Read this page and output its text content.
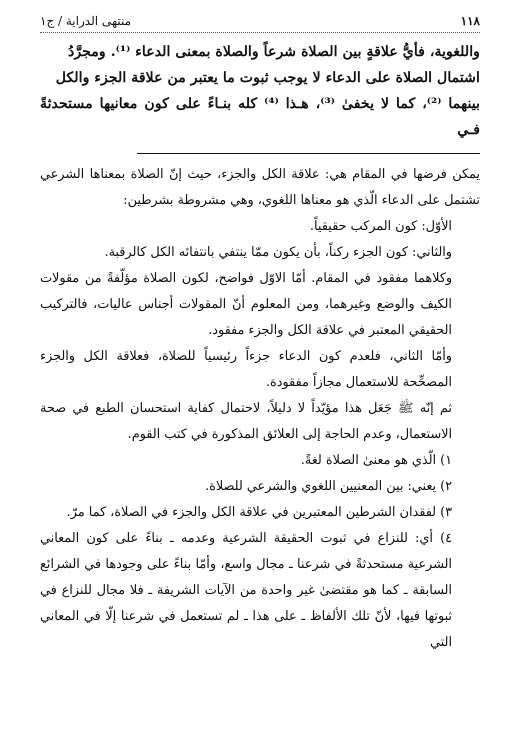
١١٨
منتهى الدراية / ج١

واللغوية، فأيُّ علاقةٍ بين الصلاة شرعاً والصلاة بمعنى الدعاء ⁽¹⁾. ومجرَّدُ

اشتمال الصلاة على الدعاء لا يوجب ثبوت ما يعتبر من علاقة الجزء والكل

بينهما ⁽²⁾، كما لا يخفىٰ ⁽³⁾، هـذا ⁽⁴⁾ كله بنـاءً على كون معانيها مستحدثةً فـي

يمكن فرضها في المقام هي: علاقة الكل والجزء، حيث إنّ الصلاة بمعناها الشرعي تشتمل على الدعاء الّذي هو معناها اللغوي، وهي مشروطة بشرطين:

الأوّل: كون المركب حقيقياً.

والثاني: كون الجزء ركناً، بأن يكون ممّا ينتفي بانتفائه الكل كالرقبة.

وكلاهما مفقود في المقام. أمّا الاوّل فواضح، لكون الصلاة مؤلّفةً من مقولات الكيف والوضع وغيرهما، ومن المعلوم أنّ المقولات أجناس عاليات، فالتركيب الحقيقي المعتبر في علاقة الكل والجزء مفقود.

وأمّا الثاني، فلعدم كون الدعاء جزءاً رئيسياً للصلاة، فعلاقة الكل والجزء المصحِّحة للاستعمال مجازاً مفقودة.

ثم إنّه ﷺ جَعَل هذا مؤيّداً لا دليلاً، لاحتمال كفاية استحسان الطبع في صحة الاستعمال، وعدم الحاجة إلى العلائق المذكورة في كتب القوم.

١) الّذي هو معنىٰ الصلاة لغةً.

٢) يعني: بين المعنيين اللغوي والشرعي للصلاة.

٣) لفقدان الشرطين المعتبرين في علاقة الكل والجزء في الصلاة، كما مرّ.

٤) أي: للنزاع في ثبوت الحقيقة الشرعية وعدمه ـ بناءً على كون المعاني الشرعية مستحدثةً في شرعنا ـ مجال واسع، وأمّا بناءً على وجودها في الشرائع السابقة ـ كما هو مقتضىٰ غير واحدة من الآيات الشريفة ـ فلا مجال للنزاع في ثبوتها فيها، لأنّ تلك الألفاظ ـ على هذا ـ لم تستعمل في شرعنا إلّا في المعاني التي
